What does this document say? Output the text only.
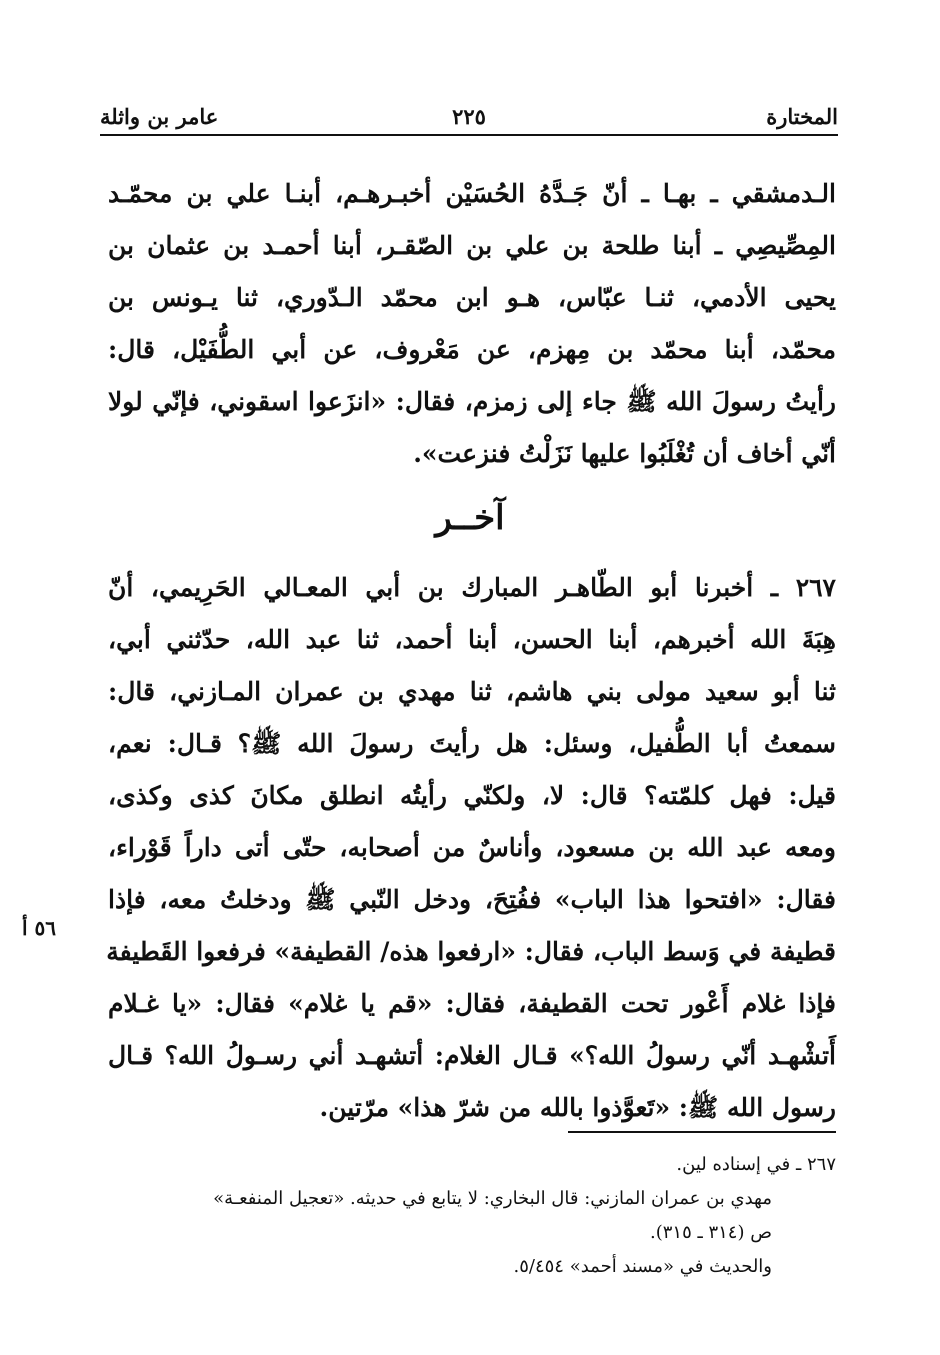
المختارة
٢٢٥
عامر بن واثلة
الـدمشقي ـ بهـا ـ أنّ جَـدَّهُ الحُسَيْن أخبـرهـم، أبنـا علي بن محمّـد
المِصِّيصِي ـ أبنا طلحة بن علي بن الصّقـر، أبنا أحمـد بن عثمان بن
يحيى الأدمي، ثنـا عبّاس، هـو ابن محمّد الـدّوري، ثنا يـونس بن
محمّد، أبنا محمّد بن مِهزم، عن مَعْروف، عن أبي الطُّفَيْل، قال:
رأيتُ رسولَ الله ﷺ جاء إلى زمزم، فقال: «انزَعوا اسقوني، فإنّي لولا
أنّي أخاف أن تُغْلَبُوا عليها نَزَلْتُ فنزعت».
آخــر
٢٦٧ ـ أخبرنا أبو الطّاهـر المبارك بن أبي المعـالي الحَرِيمي، أنّ
هِبَةَ الله أخبرهم، أبنا الحسن، أبنا أحمد، ثنا عبد الله، حدّثني أبي،
ثنا أبو سعيد مولى بني هاشم، ثنا مهدي بن عمران المـازني، قال:
سمعتُ أبا الطُّفيل، وسئل: هل رأيتَ رسولَ الله ﷺ؟ قـال: نعم،
قيل: فهل كلمّته؟ قال: لا، ولكنّي رأيتُه انطلق مكانَ كذى وكذى،
ومعه عبد الله بن مسعود، وأناسٌ من أصحابه، حتّى أتى داراً قَوْراء،
فقال: «افتحوا هذا الباب» ففُتِحَ، ودخل النّبي ﷺ ودخلتُ معه، فإذا
قطيفة في وَسط الباب، فقال: «ارفعوا هذه/ القطيفة» فرفعوا القَطيفة
فإذا غلام أَعْور تحت القطيفة، فقال: «قم يا غلام» فقال: «يا غـلام
أَتشْهـد أنّي رسولُ الله؟» قـال الغلام: أتشهـد أني رسـولُ الله؟ قـال
رسول الله ﷺ: «تَعوَّذوا بالله من شرّ هذا» مرّتين.
٥٦ أ
٢٦٧ ـ في إسناده لين.
مهدي بن عمران المازني: قال البخاري: لا يتابع في حديثه. «تعجيل المنفعـة»
ص (٣١٤ ـ ٣١٥).
والحديث في «مسند أحمد» ٥/٤٥٤.
